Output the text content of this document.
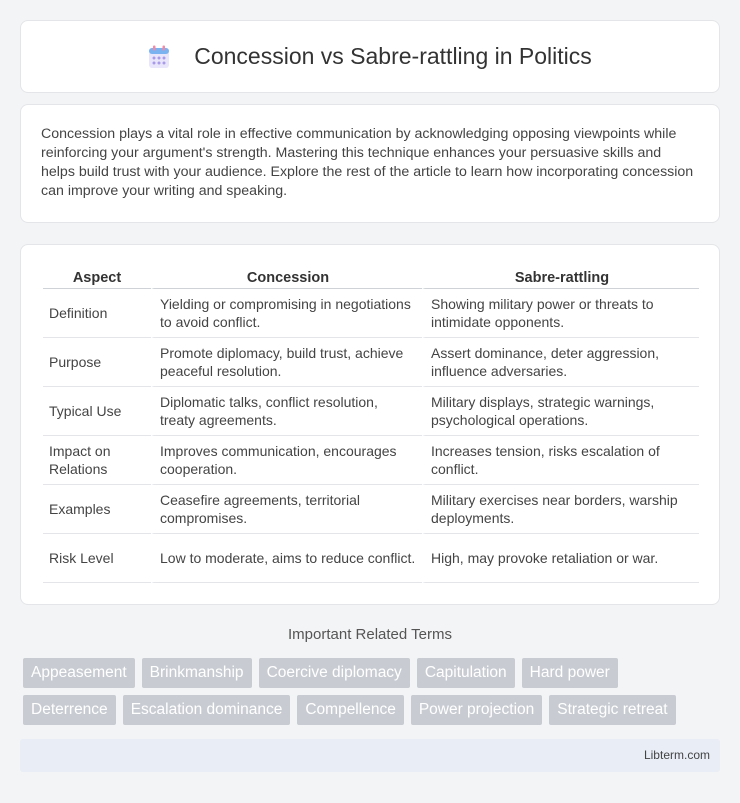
Concession vs Sabre-rattling in Politics

Concession plays a vital role in effective communication by acknowledging opposing viewpoints while reinforcing your argument's strength. Mastering this technique enhances your persuasive skills and helps build trust with your audience. Explore the rest of the article to learn how incorporating concession can improve your writing and speaking.

Aspect	Concession	Sabre-rattling
Definition	Yielding or compromising in negotiations to avoid conflict.	Showing military power or threats to intimidate opponents.
Purpose	Promote diplomacy, build trust, achieve peaceful resolution.	Assert dominance, deter aggression, influence adversaries.
Typical Use	Diplomatic talks, conflict resolution, treaty agreements.	Military displays, strategic warnings, psychological operations.
Impact on Relations	Improves communication, encourages cooperation.	Increases tension, risks escalation of conflict.
Examples	Ceasefire agreements, territorial compromises.	Military exercises near borders, warship deployments.
Risk Level	Low to moderate, aims to reduce conflict.	High, may provoke retaliation or war.
Important Related Terms
Appeasement	Brinkmanship	Coercive diplomacy	Capitulation	Hard power
Deterrence	Escalation dominance	Compellence	Power projection	Strategic retreat
Libterm.com
